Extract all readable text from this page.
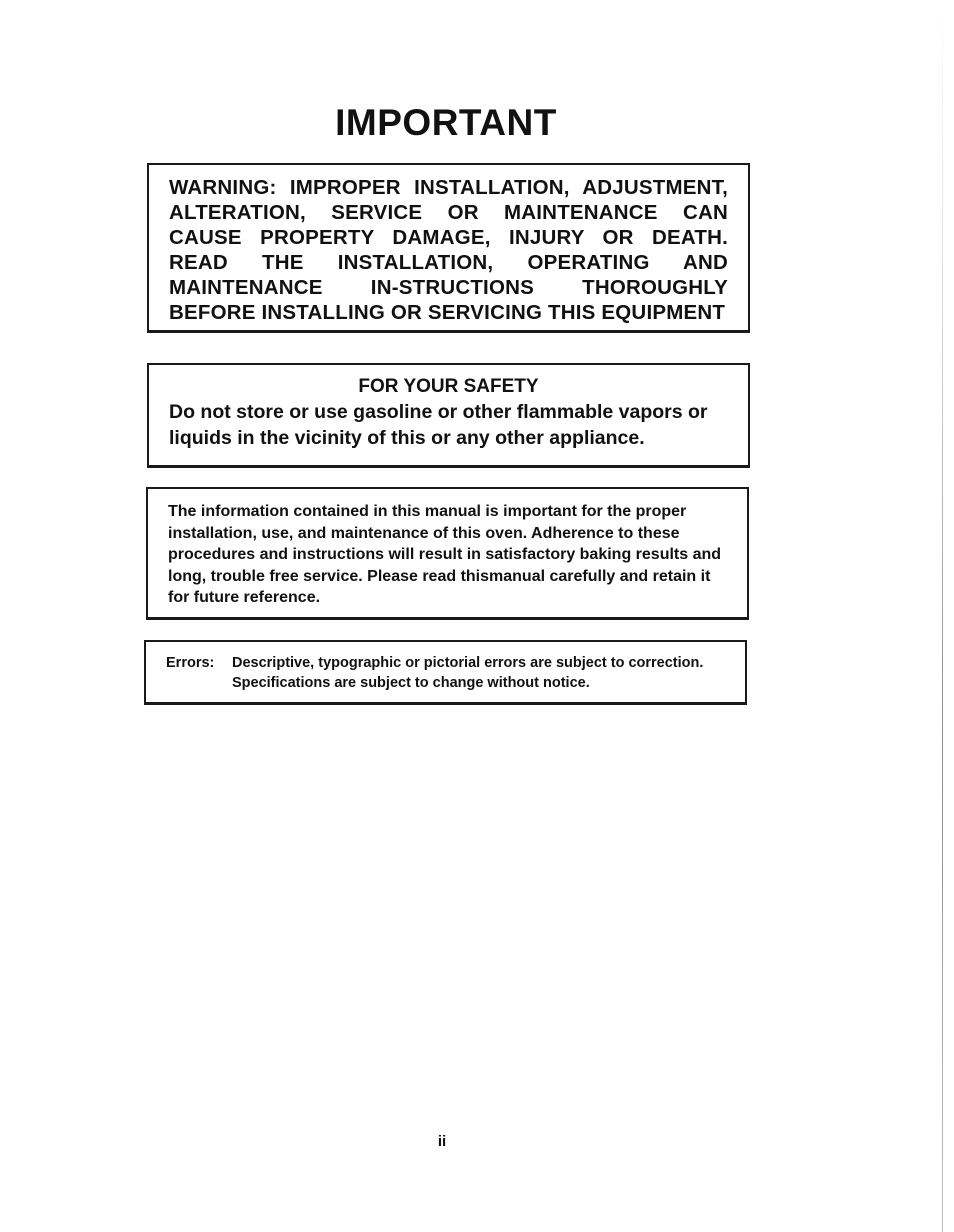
IMPORTANT

WARNING: IMPROPER INSTALLATION, ADJUSTMENT, ALTERATION, SERVICE OR MAINTENANCE CAN CAUSE PROPERTY DAMAGE, INJURY OR DEATH. READ THE INSTALLATION, OPERATING AND MAINTENANCE IN-STRUCTIONS THOROUGHLY BEFORE INSTALLING OR SERVICING THIS EQUIPMENT

FOR YOUR SAFETY

Do not store or use gasoline or other flammable vapors or liquids in the vicinity of this or any other appliance.

The information contained in this manual is important for the proper installation, use, and maintenance of this oven. Adherence to these procedures and instructions will result in satisfactory baking results and long, trouble free service. Please read thismanual carefully and retain it for future reference.

Errors:	Descriptive, typographic or pictorial errors are subject to correction. Specifications are subject to change without notice.

ii
